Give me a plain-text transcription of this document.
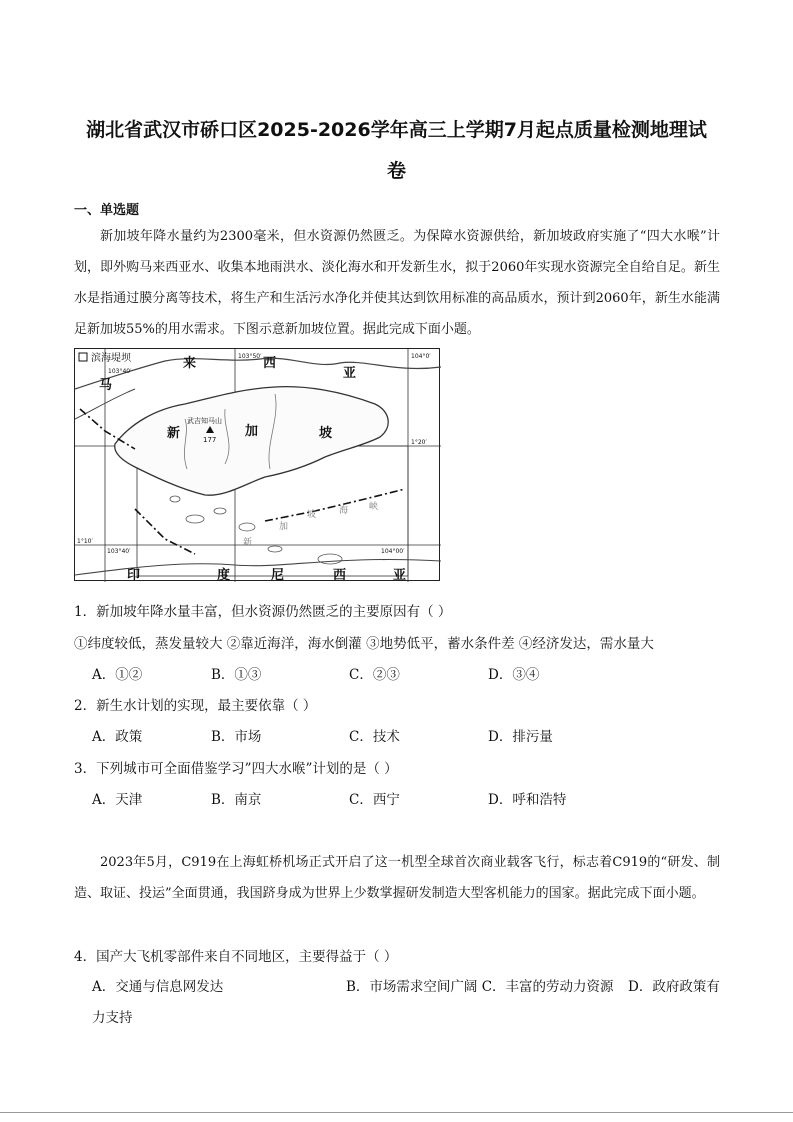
湖北省武汉市硚口区2025-2026学年高三上学期7月起点质量检测地理试
卷
一、单选题
新加坡年降水量约为2300毫米，但水资源仍然匮乏。为保障水资源供给，新加坡政府实施了“四大水喉”计划，即外购马来西亚水、收集本地雨洪水、淡化海水和开发新生水，拟于2060年实现水资源完全自给自足。新生水是指通过膜分离等技术，将生产和生活污水净化并使其达到饮用标准的高品质水，预计到2060年，新生水能满足新加坡55%的用水需求。下图示意新加坡位置。据此完成下面小题。
滨海堤坝
马
来	西
亚
新	加	坡
印	度	尼	西	亚
武吉知马山
177
新
加
坡	海 峡
103°40′
103°50′	104°0′
1°20′
1°10′
103°40′	104°00′
1．新加坡年降水量丰富，但水资源仍然匮乏的主要原因有（ ）
①纬度较低，蒸发量较大 ②靠近海洋，海水倒灌 ③地势低平，蓄水条件差 ④经济发达，需水量大
A．①②	B．①③	C．②③	D．③④
2．新生水计划的实现，最主要依靠（ ）
A．政策	B．市场	C．技术	D．排污量
3．下列城市可全面借鉴学习”四大水喉”计划的是（ ）
A．天津	B．南京	C．西宁	D．呼和浩特
2023年5月，C919在上海虹桥机场正式开启了这一机型全球首次商业载客飞行，标志着C919的“研发、制造、取证、投运”全面贯通，我国跻身成为世界上少数掌握研发制造大型客机能力的国家。据此完成下面小题。
4．国产大飞机零部件来自不同地区，主要得益于（ ）
A．交通与信息网发达	B．市场需求空间广阔 C．丰富的劳动力资源 D．政府政策有
力支持
